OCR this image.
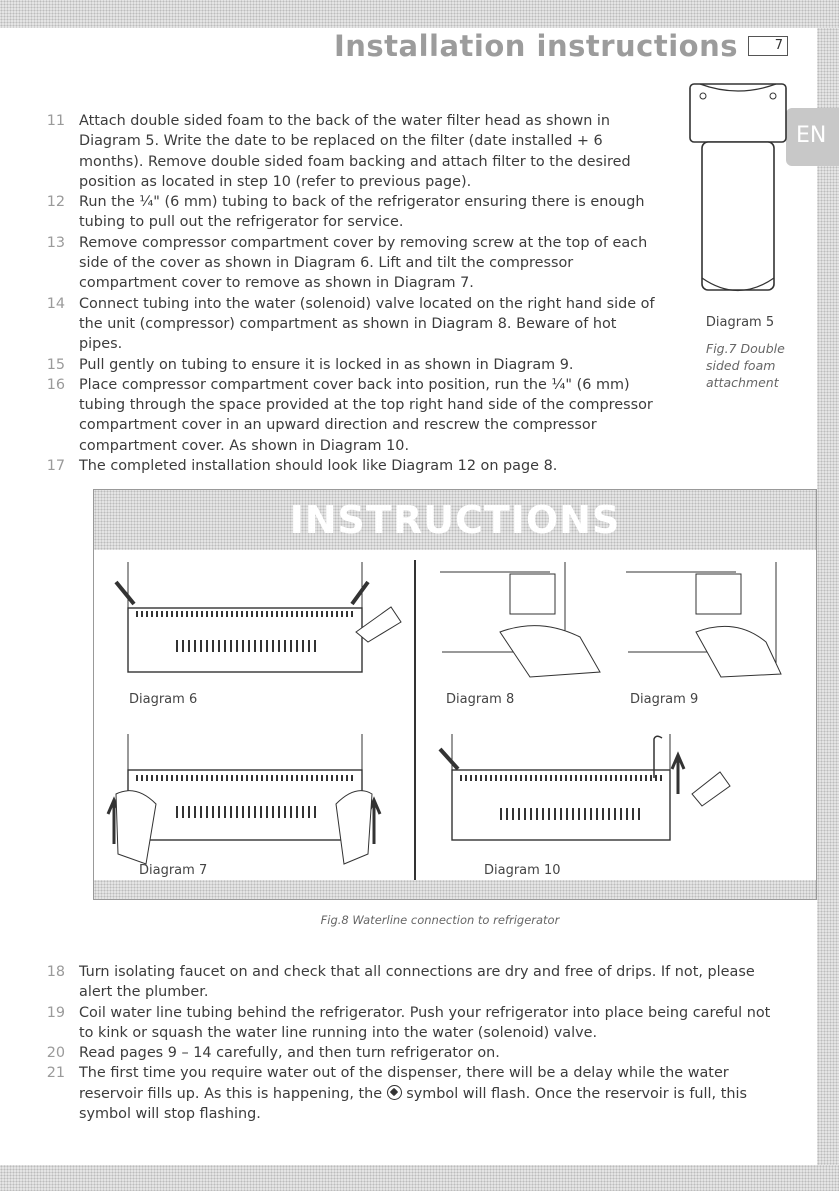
EN
Installation instructions	7
11 Attach double sided foam to the back of the water filter head as shown in Diagram 5. Write the date to be replaced on the filter (date installed + 6 months). Remove double sided foam backing and attach filter to the desired position as located in step 10 (refer to previous page).
12 Run the ¼" (6 mm) tubing to back of the refrigerator ensuring there is enough tubing to pull out the refrigerator for service.
13 Remove compressor compartment cover by removing screw at the top of each side of the cover as shown in Diagram 6. Lift and tilt the compressor compartment cover to remove as shown in Diagram 7.
14 Connect tubing into the water (solenoid) valve located on the right hand side of the unit (compressor) compartment as shown in Diagram 8. Beware of hot pipes.
15 Pull gently on tubing to ensure it is locked in as shown in Diagram 9.
16 Place compressor compartment cover back into position, run the ¼" (6 mm) tubing through the space provided at the top right hand side of the compressor compartment cover in an upward direction and rescrew the compressor compartment cover. As shown in Diagram 10.
17 The completed installation should look like Diagram 12 on page 8.
Diagram 5
Fig.7 Double sided foam attachment
INSTRUCTIONS
Diagram 6	Diagram 8	Diagram 9
Diagram 7	Diagram 10
Fig.8 Waterline connection to refrigerator
18 Turn isolating faucet on and check that all connections are dry and free of drips. If not, please alert the plumber.
19 Coil water line tubing behind the refrigerator. Push your refrigerator into place being careful not to kink or squash the water line running into the water (solenoid) valve.
20 Read pages 9 – 14 carefully, and then turn refrigerator on.
21 The first time you require water out of the dispenser, there will be a delay while the water reservoir fills up. As this is happening, the symbol will flash. Once the reservoir is full, this symbol will stop flashing.
